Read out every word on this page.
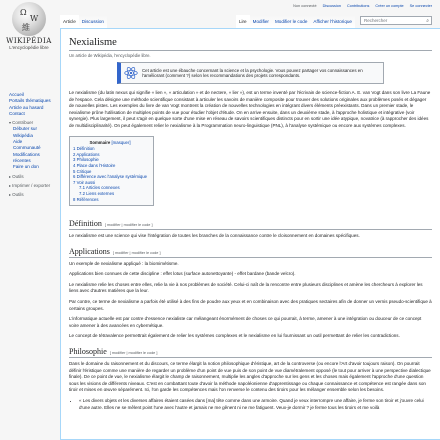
Ω
W
維
WIKIPÉDIA
L'encyclopédie libre
Accueil
Portails thématiques
Article au hasard
Contact
▾ Contribuer
Débuter sur Wikipédia
Aide
Communauté
Modifications récentes
Faire un don
▸ Outils
▸ Imprimer / exporter
▸ Outils
Non connecté Discussion Contributions Créer un compte Se connecter
Article	Discussion	Lire	Modifier	Modifier le code	Afficher l'historique	Rechercher	⌕
Nexialisme
Un article de Wikipédia, l'encyclopédie libre.
Cet article est une ébauche concernant la science et la psychologie. Vous pouvez partager vos connaissances en l'améliorant (comment ?) selon les recommandations des projets correspondants.

Le nexialisme (du latin nexus qui signifie « lien », « articulation » et de nectere, « lier »), est un terme inventé par l'écrivain de science-fiction A. E. van Vogt dans son livre La Faune de l'espace. Cela désigne une méthode scientifique consistant à articuler les savoirs de manière composite pour trouver des solutions originales aux problèmes posés et dégager de nouvelles pistes. Les exemples du livre de van Vogt montrent la création de nouvelles technologies en intégrant divers éléments préexistants. Dans un premier stade, le nexialisme prône l'utilisation de multiples points de vue pour étudier l'objet d'étude. On en arrive ensuite, dans un deuxième stade, à l'approche holistique et intégrative (voir synergie). Plus largement, il peut s'agir en quelque sorte d'une mise en réseau de savoirs scientifiques distincts pour en sortir une idée atypique, novatrice (à rapprocher des idées de multidisciplinarité). On peut également relier le nexialisme à la Programmation neuro-linguistique (PNL), à l'analyse systémique ou encore aux systèmes complexes.

Sommaire [masquer]
1 Définition
2 Applications
3 Philosophie
4 Place dans l'Histoire
5 Critique
6 Différence avec l'analyse systémique
7 Voir aussi
7.1 Articles connexes
7.2 Liens externes
8 Références
Définition [ modifier | modifier le code ]

Le nexialisme est une science qui vise l'intégration de toutes les branches de la connaissance contre le cloisonnement en domaines spécifiques.

Applications [ modifier | modifier le code ]

Un exemple de nexialisme appliqué : la biomimétisme.

Applications bien connues de cette discipline : effet lotus (surface autonettoyante) - effet bardane (bande velcro).

Le nexialisme relie les choses entre elles, relie la vie à nos problèmes de société. Celui-ci naît de la rencontre entre plusieurs disciplines et amène les chercheurs à explorer les liens avec d'autres matières que la leur.

Par contre, ce terme de nexialisme a parfois été utilisé à des fins de poudre aux yeux et en combinaison avec des pratiques sectaires afin de donner un vernis pseudo-scientifique à certains groupes.

L'informatique actuelle est par contre d'essence nexialiste car mélangeant énormément de choses ce qui pourrait, à terme, amener à une intégration ou douceur de ce concept voire amener à des avancées en cybernétique.

Le concept de tétravalence permettrait également de relier les systèmes complexes et le nexialisme en lui fournissant un outil permettant de relier les contradictions.

Philosophie [ modifier | modifier le code ]

Dans le domaine du raisonnement et du discours, ce terme élargit la notion philosophique d'éristique, art de la controverse (ou encore l'Art d'avoir toujours raison). On pourrait définir l'éristique comme une manière de regarder un problème d'un point de vue puis de son point de vue diamétralement opposé (le tout pour arriver à une perspective dialectique finale). De ce point de vue, le nexialisme élargit le champ de raisonnement, multiplie les angles d'approche sur les gens et les choses mais également l'approche d'une question sous les visions de différents niveaux. C'est en combattant toute d'avoir la méthode napoléonienne d'apprentissage ou chaque connaissance et compétence est rangée dans son tiroir et mises en œuvre séparément. Ici, l'on garde les compétences mais l'on renverse le contenu des tiroirs pour les mélanger ensemble selon les besoins.

• « Les divers objets et les diverses affaires étaient casées dans [ma] tête comme dans une armoire. Quand je veux interrompre une affaire, je ferme son tiroir et j'ouvre celui d'une autre. Elles ne se mêlent point l'une avec l'autre et jamais ne me gênent ni ne me fatiguent. Veux-je dormir ? je ferme tous les tiroirs et me voilà
